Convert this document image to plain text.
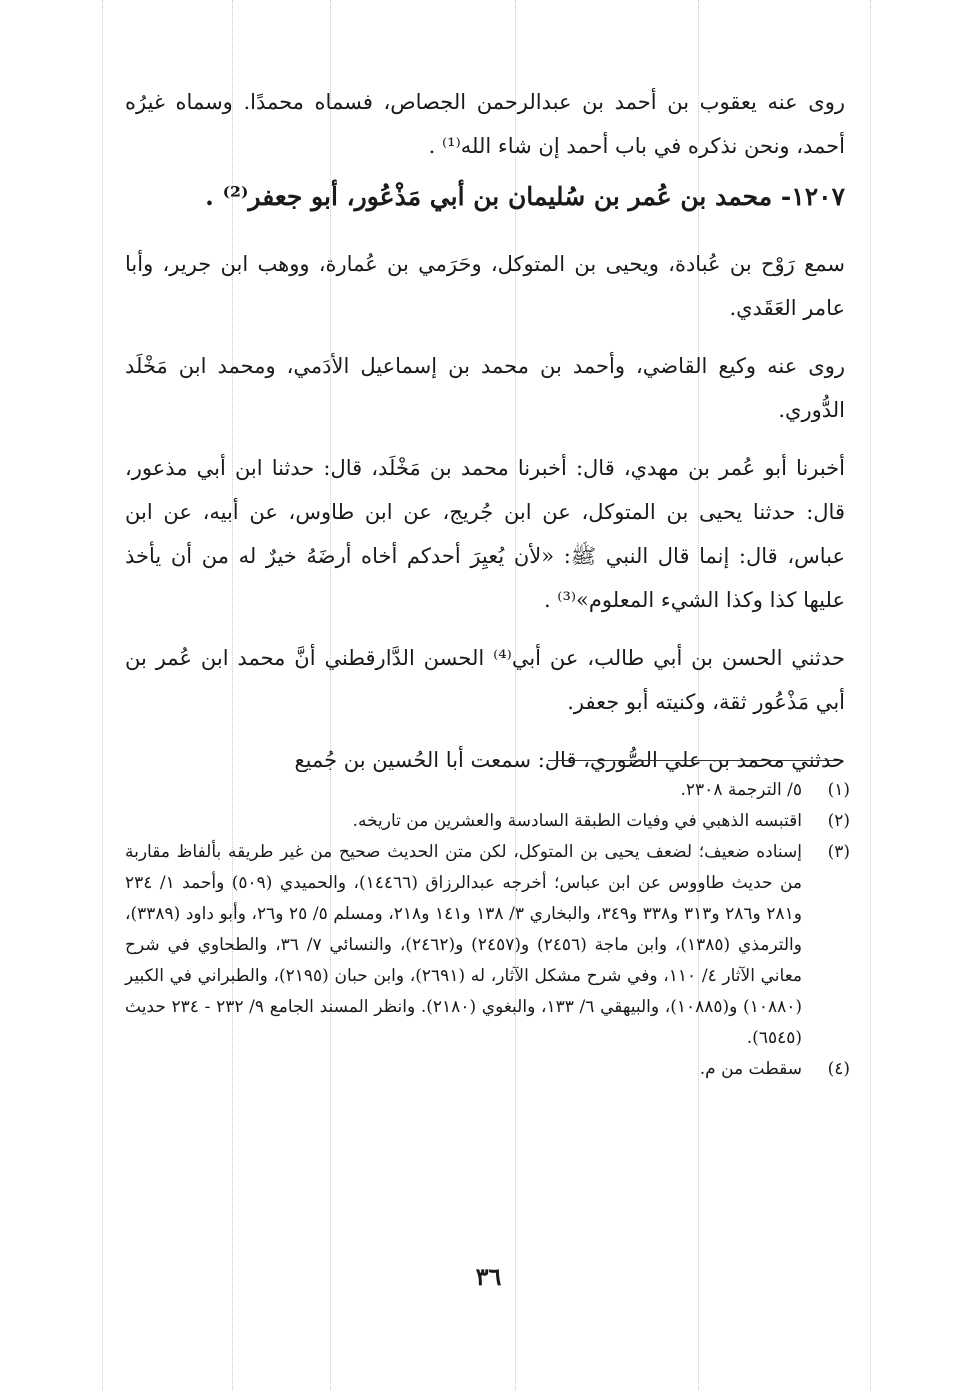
روى عنه يعقوب بن أحمد بن عبدالرحمن الجصاص، فسماه محمدًا. وسماه غيرُه أحمد، ونحن نذكره في باب أحمد إن شاء الله⁽¹⁾ .

١٢٠٧- محمد بن عُمر بن سُليمان بن أبي مَذْعُور، أبو جعفر⁽²⁾ .

سمع رَوْح بن عُبادة، ويحيى بن المتوكل، وحَرَمي بن عُمارة، ووهب ابن جرير، وأبا عامر العَقَدي.

روى عنه وكيع القاضي، وأحمد بن محمد بن إسماعيل الأدَمي، ومحمد ابن مَخْلَد الدُّوري.

أخبرنا أبو عُمر بن مهدي، قال: أخبرنا محمد بن مَخْلَد، قال: حدثنا ابن أبي مذعور، قال: حدثنا يحيى بن المتوكل، عن ابن جُريج، عن ابن طاوس، عن أبيه، عن ابن عباس، قال: إنما قال النبي ﷺ: «لأن يُعيِرَ أحدكم أخاه أرضَهُ خيرٌ له من أن يأخذ عليها كذا وكذا الشيء المعلوم»⁽³⁾ .

حدثني الحسن بن أبي طالب، عن أبي⁽⁴⁾ الحسن الدَّارقطني أنَّ محمد ابن عُمر بن أبي مَذْعُور ثقة، وكنيته أبو جعفر.

حدثني محمد بن علي الصُّوري، قال: سمعت أبا الحُسين بن جُميع

(١)
٥/ الترجمة ٢٣٠٨.
(٢)
اقتبسه الذهبي في وفيات الطبقة السادسة والعشرين من تاريخه.
(٣)
إسناده ضعيف؛ لضعف يحيى بن المتوكل، لكن متن الحديث صحيح من غير طريقه بألفاظ مقاربة من حديث طاووس عن ابن عباس؛ أخرجه عبدالرزاق (١٤٤٦٦)، والحميدي (٥٠٩) وأحمد ١/ ٢٣٤ و٢٨١ و٢٨٦ و٣١٣ و٣٣٨ و٣٤٩، والبخاري ٣/ ١٣٨ و١٤١ و٢١٨، ومسلم ٥/ ٢٥ و٢٦، وأبو داود (٣٣٨٩)، والترمذي (١٣٨٥)، وابن ماجة (٢٤٥٦) و(٢٤٥٧) و(٢٤٦٢)، والنسائي ٧/ ٣٦، والطحاوي في شرح معاني الآثار ٤/ ١١٠، وفي شرح مشكل الآثار، له (٢٦٩١)، وابن حبان (٢١٩٥)، والطبراني في الكبير (١٠٨٨٠) و(١٠٨٨٥)، والبيهقي ٦/ ١٣٣، والبغوي (٢١٨٠). وانظر المسند الجامع ٩/ ٢٣٢ - ٢٣٤ حديث (٦٥٤٥).
(٤)
سقطت من م.
٣٦
